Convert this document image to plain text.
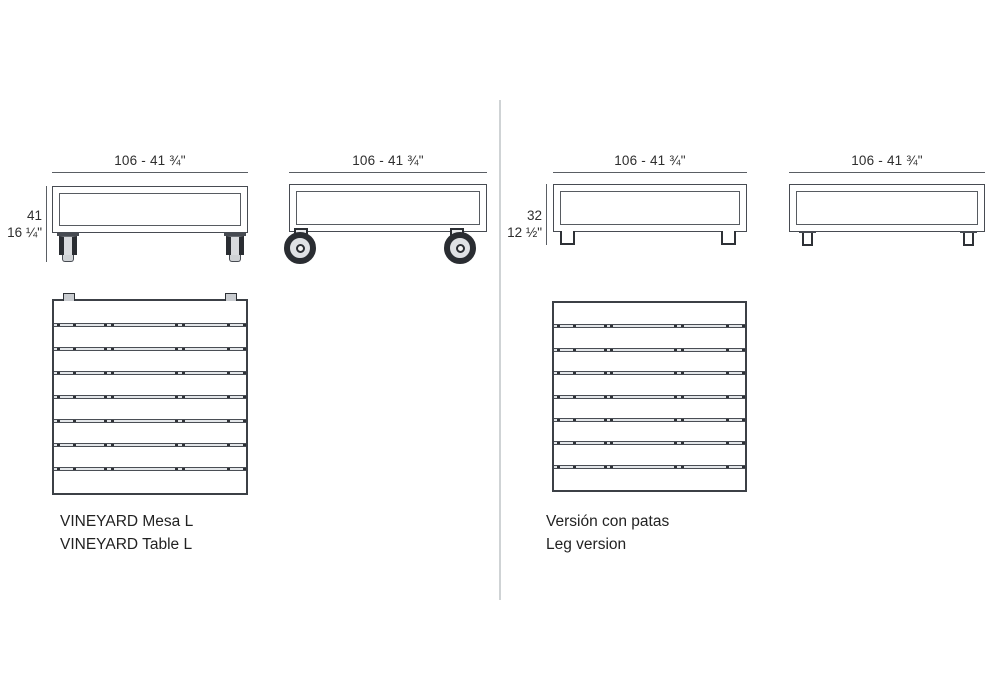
106 - 41 ¾"
41
16 ¼"
106 - 41 ¾"	106 - 41 ¾"
32
12 ½"
106 - 41 ¾"
VINEYARD Mesa L
VINEYARD Table L
Versión con patas
Leg version
